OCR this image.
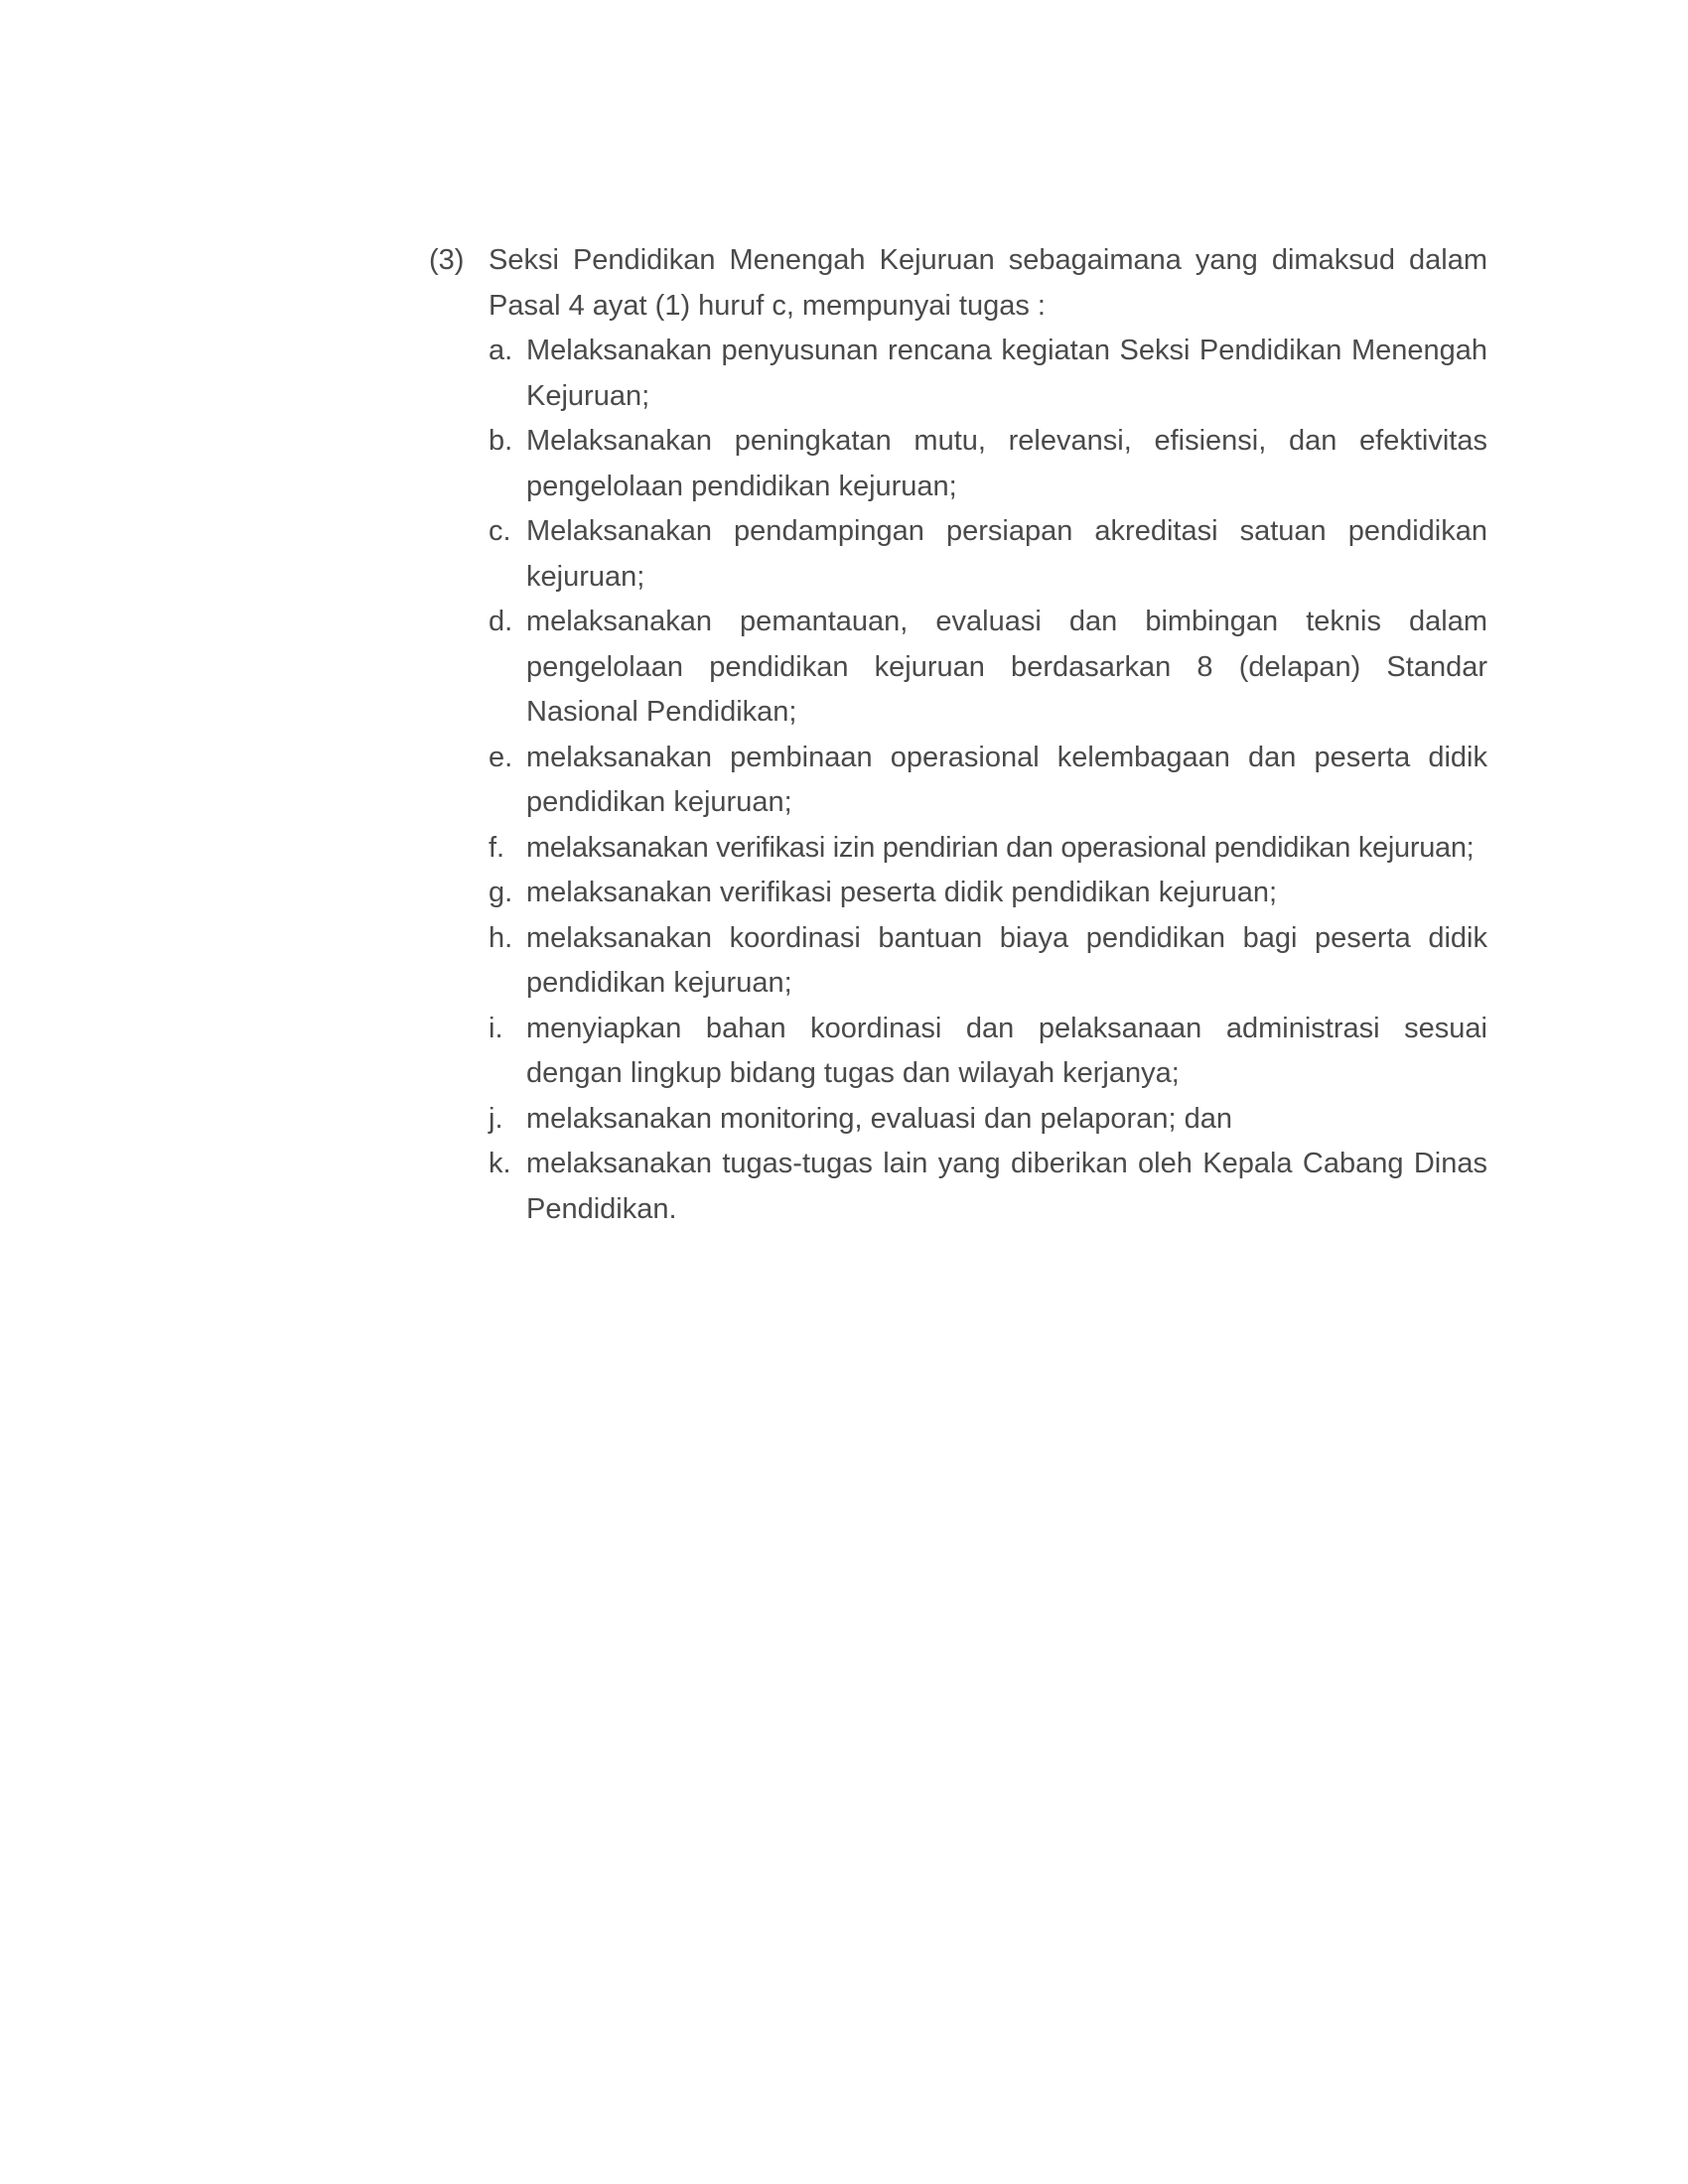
(3) Seksi Pendidikan Menengah Kejuruan sebagaimana yang dimaksud dalam Pasal 4 ayat (1) huruf c, mempunyai tugas :
a. Melaksanakan penyusunan rencana kegiatan Seksi Pendidikan Menengah Kejuruan;
b. Melaksanakan peningkatan mutu, relevansi, efisiensi, dan efektivitas pengelolaan pendidikan kejuruan;
c. Melaksanakan pendampingan persiapan akreditasi satuan pendidikan kejuruan;
d. melaksanakan pemantauan, evaluasi dan bimbingan teknis dalam pengelolaan pendidikan kejuruan berdasarkan 8 (delapan) Standar Nasional Pendidikan;
e. melaksanakan pembinaan operasional kelembagaan dan peserta didik pendidikan kejuruan;
f. melaksanakan verifikasi izin pendirian dan operasional pendidikan kejuruan;
g. melaksanakan verifikasi peserta didik pendidikan kejuruan;
h. melaksanakan koordinasi bantuan biaya pendidikan bagi peserta didik pendidikan kejuruan;
i. menyiapkan bahan koordinasi dan pelaksanaan administrasi sesuai dengan lingkup bidang tugas dan wilayah kerjanya;
j. melaksanakan monitoring, evaluasi dan pelaporan; dan
k. melaksanakan tugas-tugas lain yang diberikan oleh Kepala Cabang Dinas Pendidikan.
